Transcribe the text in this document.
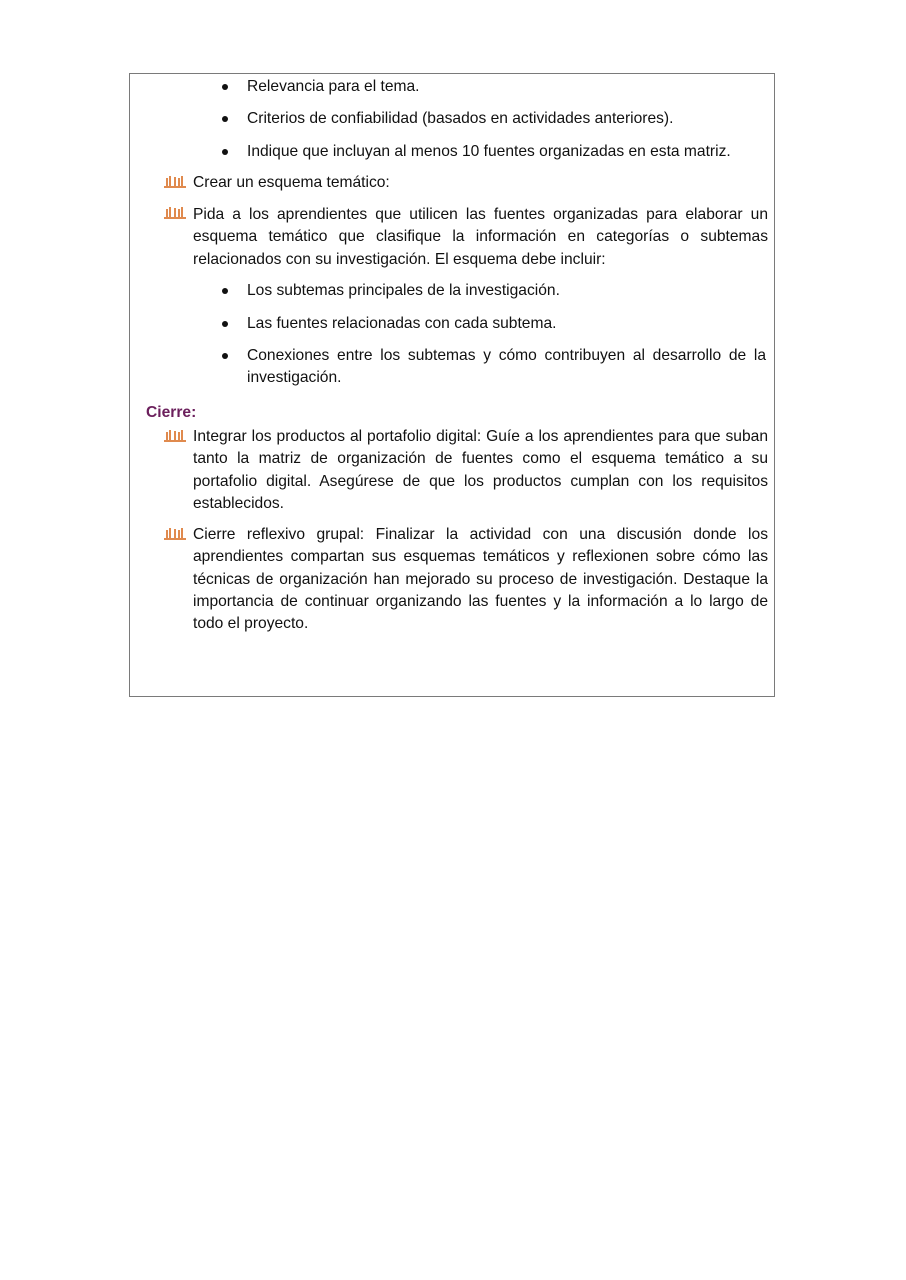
Relevancia para el tema.
Criterios de confiabilidad (basados en actividades anteriores).
Indique que incluyan al menos 10 fuentes organizadas en esta matriz.
Crear un esquema temático:
Pida a los aprendientes que utilicen las fuentes organizadas para elaborar un esquema temático que clasifique la información en categorías o subtemas relacionados con su investigación. El esquema debe incluir:
Los subtemas principales de la investigación.
Las fuentes relacionadas con cada subtema.
Conexiones entre los subtemas y cómo contribuyen al desarrollo de la investigación.
Cierre:
Integrar los productos al portafolio digital: Guíe a los aprendientes para que suban tanto la matriz de organización de fuentes como el esquema temático a su portafolio digital. Asegúrese de que los productos cumplan con los requisitos establecidos.
Cierre reflexivo grupal: Finalizar la actividad con una discusión donde los aprendientes compartan sus esquemas temáticos y reflexionen sobre cómo las técnicas de organización han mejorado su proceso de investigación. Destaque la importancia de continuar organizando las fuentes y la información a lo largo de todo el proyecto.
